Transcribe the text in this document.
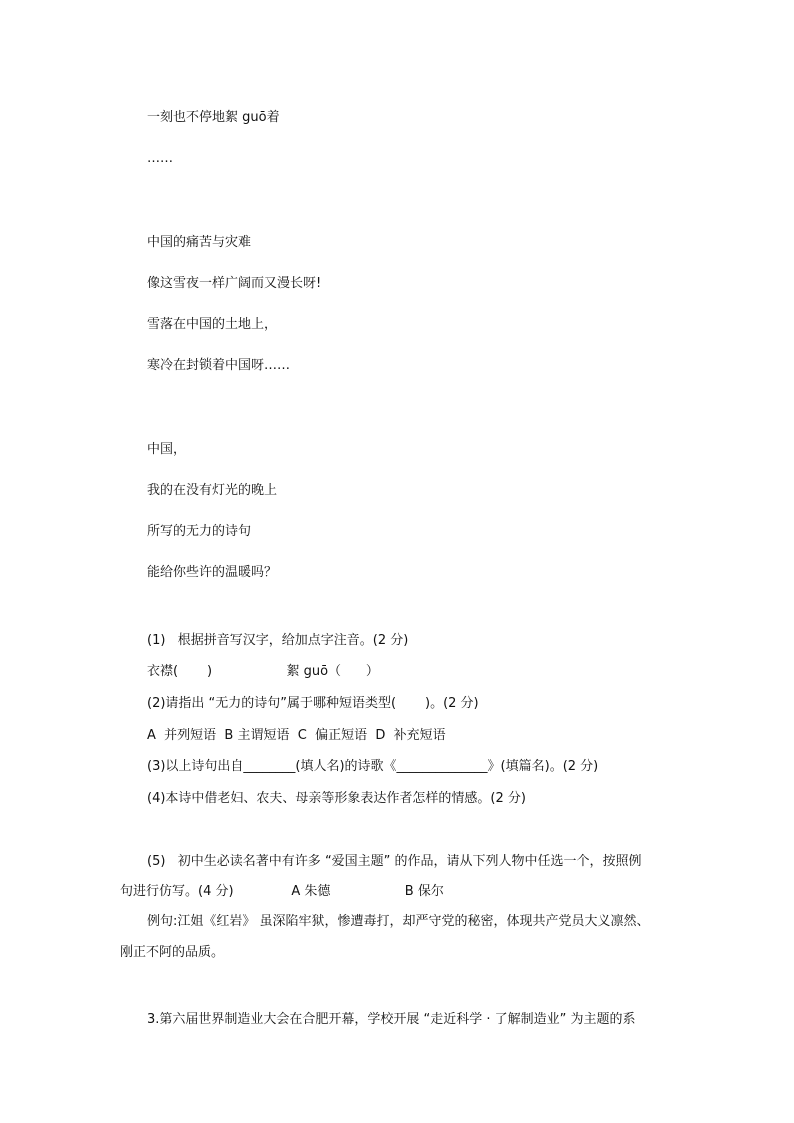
一刻也不停地絮 guō着
……
中国的痛苦与灾难
像这雪夜一样广阔而又漫长呀!
雪落在中国的土地上，
寒冷在封锁着中国呀……
中国，
我的在没有灯光的晚上
所写的无力的诗句
能给你些许的温暖吗？
(1)   根据拼音写汉字，给加点字注音。(2 分)
衣襟(       )                  絮 guō（      ）
(2)请指出 “无力的诗句”属于哪种短语类型(       )。(2 分)
A  并列短语  B 主谓短语  C  偏正短语  D  补充短语
(3)以上诗句出自________(填人名)的诗歌《______________》(填篇名)。(2 分)
(4)本诗中借老妇、农夫、母亲等形象表达作者怎样的情感。(2 分)
(5)   初中生必读名著中有许多 “爱国主题” 的作品，请从下列人物中任选一个，按照例
句进行仿写。(4 分)              A 朱德                  B 保尔
例句:江姐《红岩》 虽深陷牢狱，惨遭毒打，却严守党的秘密，体现共产党员大义凛然、
刚正不阿的品质。
3.第六届世界制造业大会在合肥开幕，学校开展 “走近科学 · 了解制造业” 为主题的系
